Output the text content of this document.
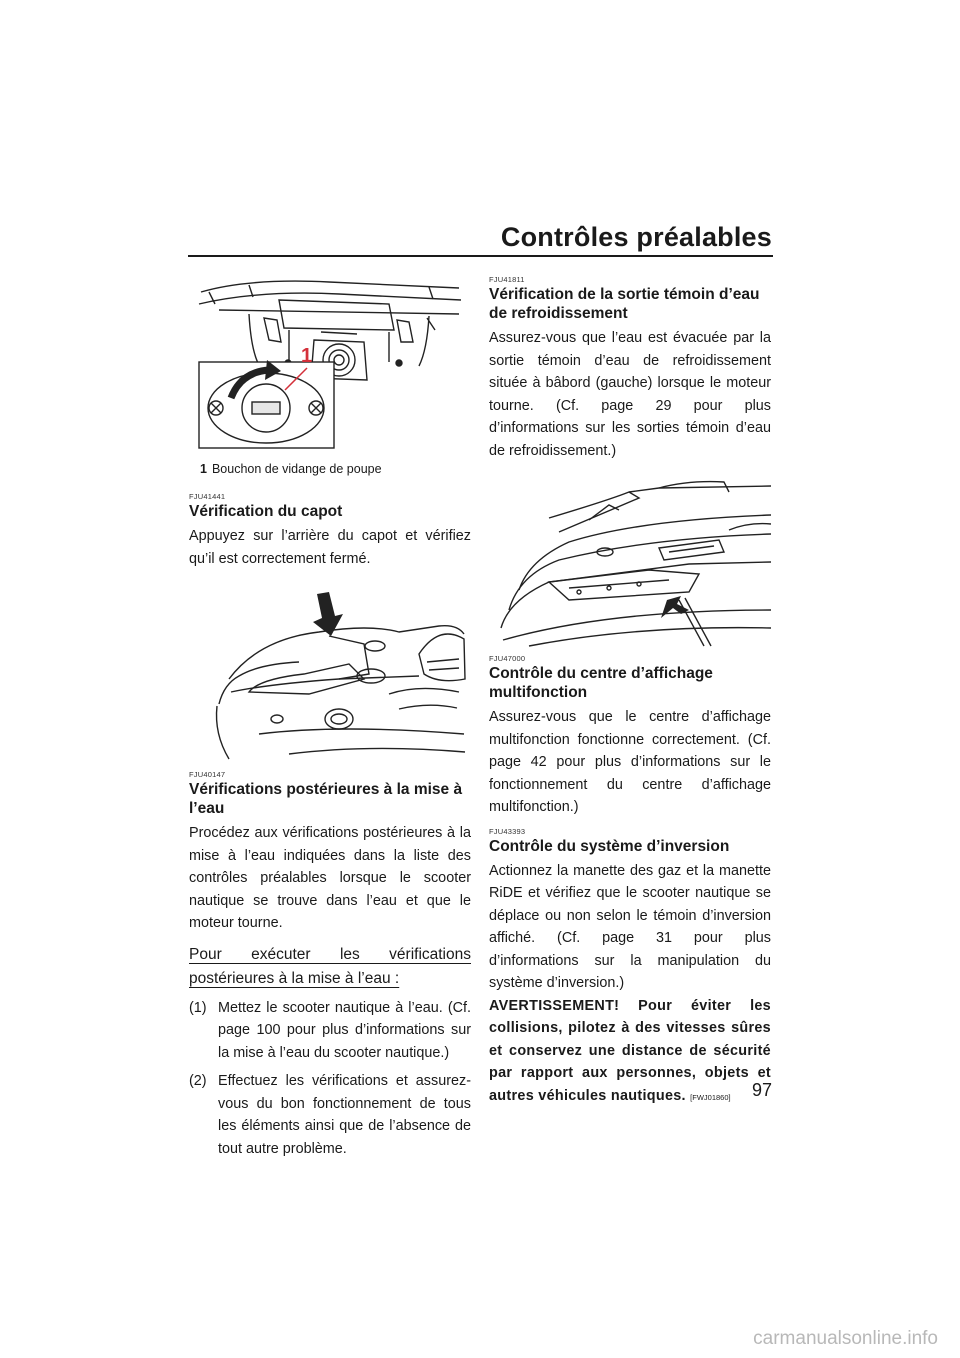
Contrôles préalables
1
1 Bouchon de vidange de poupe
FJU41441
Vérification du capot

Appuyez sur l’arrière du capot et vérifiez qu’il est correctement fermé.

FJU40147
Vérifications postérieures à la mise à l’eau

Procédez aux vérifications postérieures à la mise à l’eau indiquées dans la liste des contrôles préalables lorsque le scooter nautique se trouve dans l’eau et que le moteur tourne.

Pour exécuter les vérifications postérieures à la mise à l’eau :
(1) Mettez le scooter nautique à l’eau. (Cf. page 100 pour plus d’informations sur la mise à l’eau du scooter nautique.)
(2) Effectuez les vérifications et assurez-vous du bon fonctionnement de tous les éléments ainsi que de l’absence de tout autre problème.
FJU41811
Vérification de la sortie témoin d’eau de refroidissement

Assurez-vous que l’eau est évacuée par la sortie témoin d’eau de refroidissement située à bâbord (gauche) lorsque le moteur tourne. (Cf. page 29 pour plus d’informations sur les sorties témoin d’eau de refroidissement.)

FJU47000
Contrôle du centre d’affichage multifonction

Assurez-vous que le centre d’affichage multifonction fonctionne correctement. (Cf. page 42 pour plus d’informations sur le fonctionnement du centre d’affichage multifonction.)

FJU43393
Contrôle du système d’inversion

Actionnez la manette des gaz et la manette RiDE et vérifiez que le scooter nautique se déplace ou non selon le témoin d’inversion affiché. (Cf. page 31 pour plus d’informations sur la manipulation du système d’inversion.)

AVERTISSEMENT! Pour éviter les collisions, pilotez à des vitesses sûres et conservez une distance de sécurité par rapport aux personnes, objets et autres véhicules nautiques. [FWJ01860]	97
carmanualsonline.info
